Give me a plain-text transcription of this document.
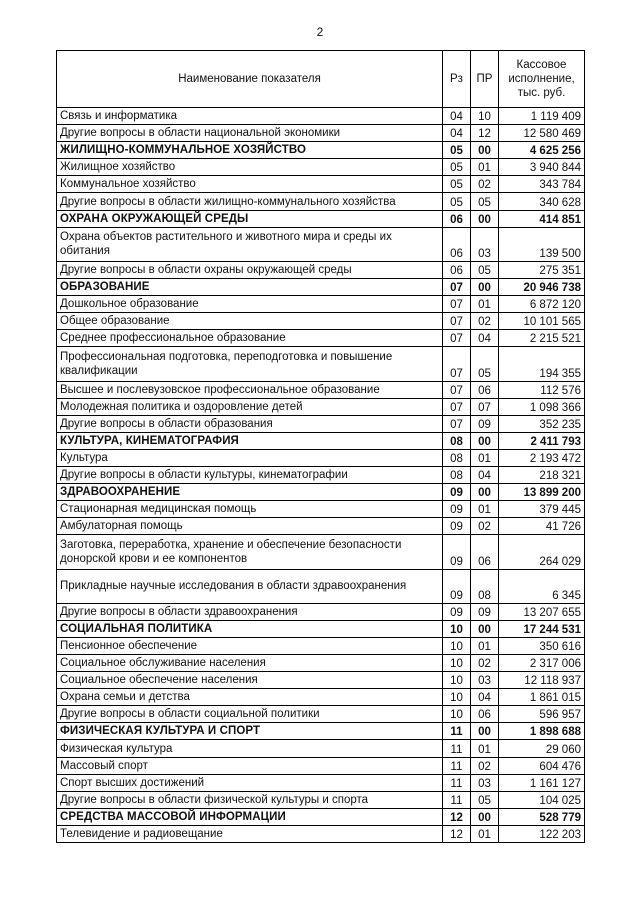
2
Наименование показателя	Рз	ПР	Кассовое
исполнение,
тыс. руб.
Связь и информатика	04	10	1 119 409
Другие вопросы в области национальной экономики	04	12	12 580 469
ЖИЛИЩНО-КОММУНАЛЬНОЕ ХОЗЯЙСТВО	05	00	4 625 256
Жилищное хозяйство	05	01	3 940 844
Коммунальное хозяйство	05	02	343 784
Другие вопросы в области жилищно-коммунального хозяйства	05	05	340 628
ОХРАНА ОКРУЖАЮЩЕЙ СРЕДЫ	06	00	414 851
Охрана объектов растительного и животного мира и среды их обитания	06	03	139 500
Другие вопросы в области охраны окружающей среды	06	05	275 351
ОБРАЗОВАНИЕ	07	00	20 946 738
Дошкольное образование	07	01	6 872 120
Общее образование	07	02	10 101 565
Среднее профессиональное образование	07	04	2 215 521
Профессиональная подготовка, переподготовка и повышение квалификации	07	05	194 355
Высшее и послевузовское профессиональное образование	07	06	112 576
Молодежная политика и оздоровление детей	07	07	1 098 366
Другие вопросы в области образования	07	09	352 235
КУЛЬТУРА, КИНЕМАТОГРАФИЯ	08	00	2 411 793
Культура	08	01	2 193 472
Другие вопросы в области культуры, кинематографии	08	04	218 321
ЗДРАВООХРАНЕНИЕ	09	00	13 899 200
Стационарная медицинская помощь	09	01	379 445
Амбулаторная помощь	09	02	41 726
Заготовка, переработка, хранение и обеспечение безопасности донорской крови и ее компонентов	09	06	264 029
Прикладные научные исследования в области здравоохранения	09	08	6 345
Другие вопросы в области здравоохранения	09	09	13 207 655
СОЦИАЛЬНАЯ ПОЛИТИКА	10	00	17 244 531
Пенсионное обеспечение	10	01	350 616
Социальное обслуживание населения	10	02	2 317 006
Социальное обеспечение населения	10	03	12 118 937
Охрана семьи и детства	10	04	1 861 015
Другие вопросы в области социальной политики	10	06	596 957
ФИЗИЧЕСКАЯ КУЛЬТУРА И СПОРТ	11	00	1 898 688
Физическая культура	11	01	29 060
Массовый спорт	11	02	604 476
Спорт высших достижений	11	03	1 161 127
Другие вопросы в области физической культуры и спорта	11	05	104 025
СРЕДСТВА МАССОВОЙ ИНФОРМАЦИИ	12	00	528 779
Телевидение и радиовещание	12	01	122 203
